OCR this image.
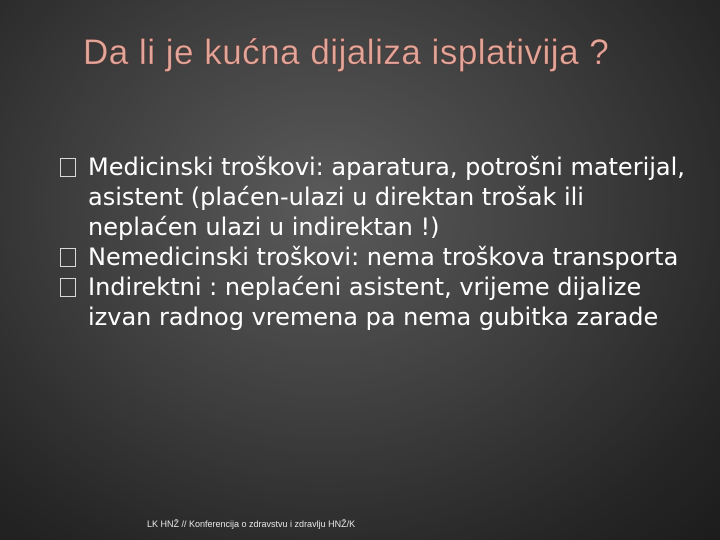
Da li je kućna dijaliza isplativija ?
Medicinski troškovi: aparatura, potrošni materijal, asistent (plaćen-ulazi u direktan trošak ili neplaćen ulazi u indirektan !)
Nemedicinski troškovi: nema troškova transporta
Indirektni : neplaćeni asistent, vrijeme dijalize izvan radnog vremena pa nema gubitka zarade
LK HNŽ // Konferencija o zdravstvu i zdravlju HNŽ/K
